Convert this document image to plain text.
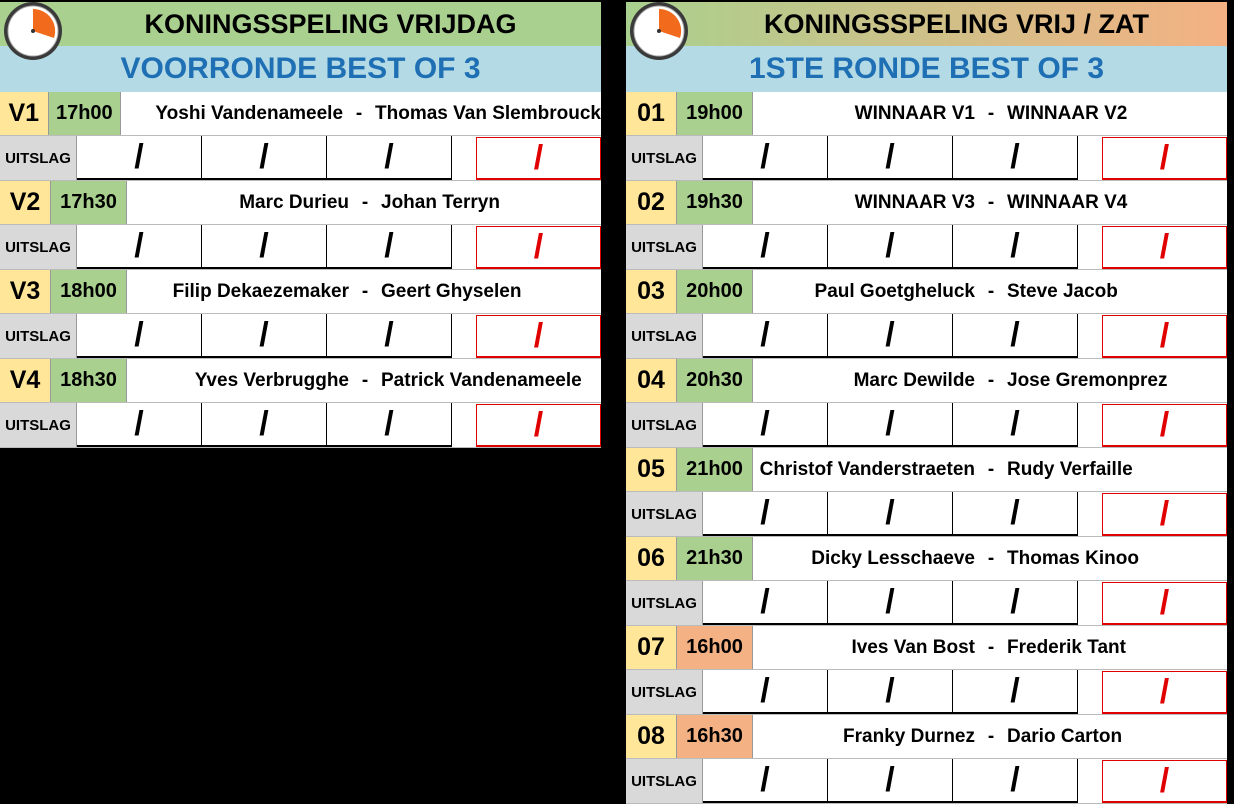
KONINGSSPELING VRIJDAG
VOORRONDE BEST OF 3
V1 17h00	Yoshi Vandenameele - Thomas Van Slembrouck
UITSLAG	/	/	/	/
V2 17h30	Marc Durieu - Johan Terryn
UITSLAG	/	/	/	/
V3 18h00	Filip Dekaezemaker - Geert Ghyselen
UITSLAG	/	/	/	/
V4 18h30	Yves Verbrugghe - Patrick Vandenameele
UITSLAG	/	/	/	/
KONINGSSPELING VRIJ / ZAT
1STE RONDE BEST OF 3
01	19h00	WINNAAR V1 - WINNAAR V2
UITSLAG	/	/	/	/
02	19h30	WINNAAR V3 - WINNAAR V4
UITSLAG	/	/	/	/
03	20h00	Paul Goetgheluck - Steve Jacob
UITSLAG	/	/	/	/
04	20h30	Marc Dewilde - Jose Gremonprez
UITSLAG	/	/	/	/
05	21h00 Christof Vanderstraeten - Rudy Verfaille
UITSLAG	/	/	/	/
06	21h30	Dicky Lesschaeve - Thomas Kinoo
UITSLAG	/	/	/	/
07	16h00	Ives Van Bost - Frederik Tant
UITSLAG	/	/	/	/
08	16h30	Franky Durnez - Dario Carton
UITSLAG	/	/	/	/
